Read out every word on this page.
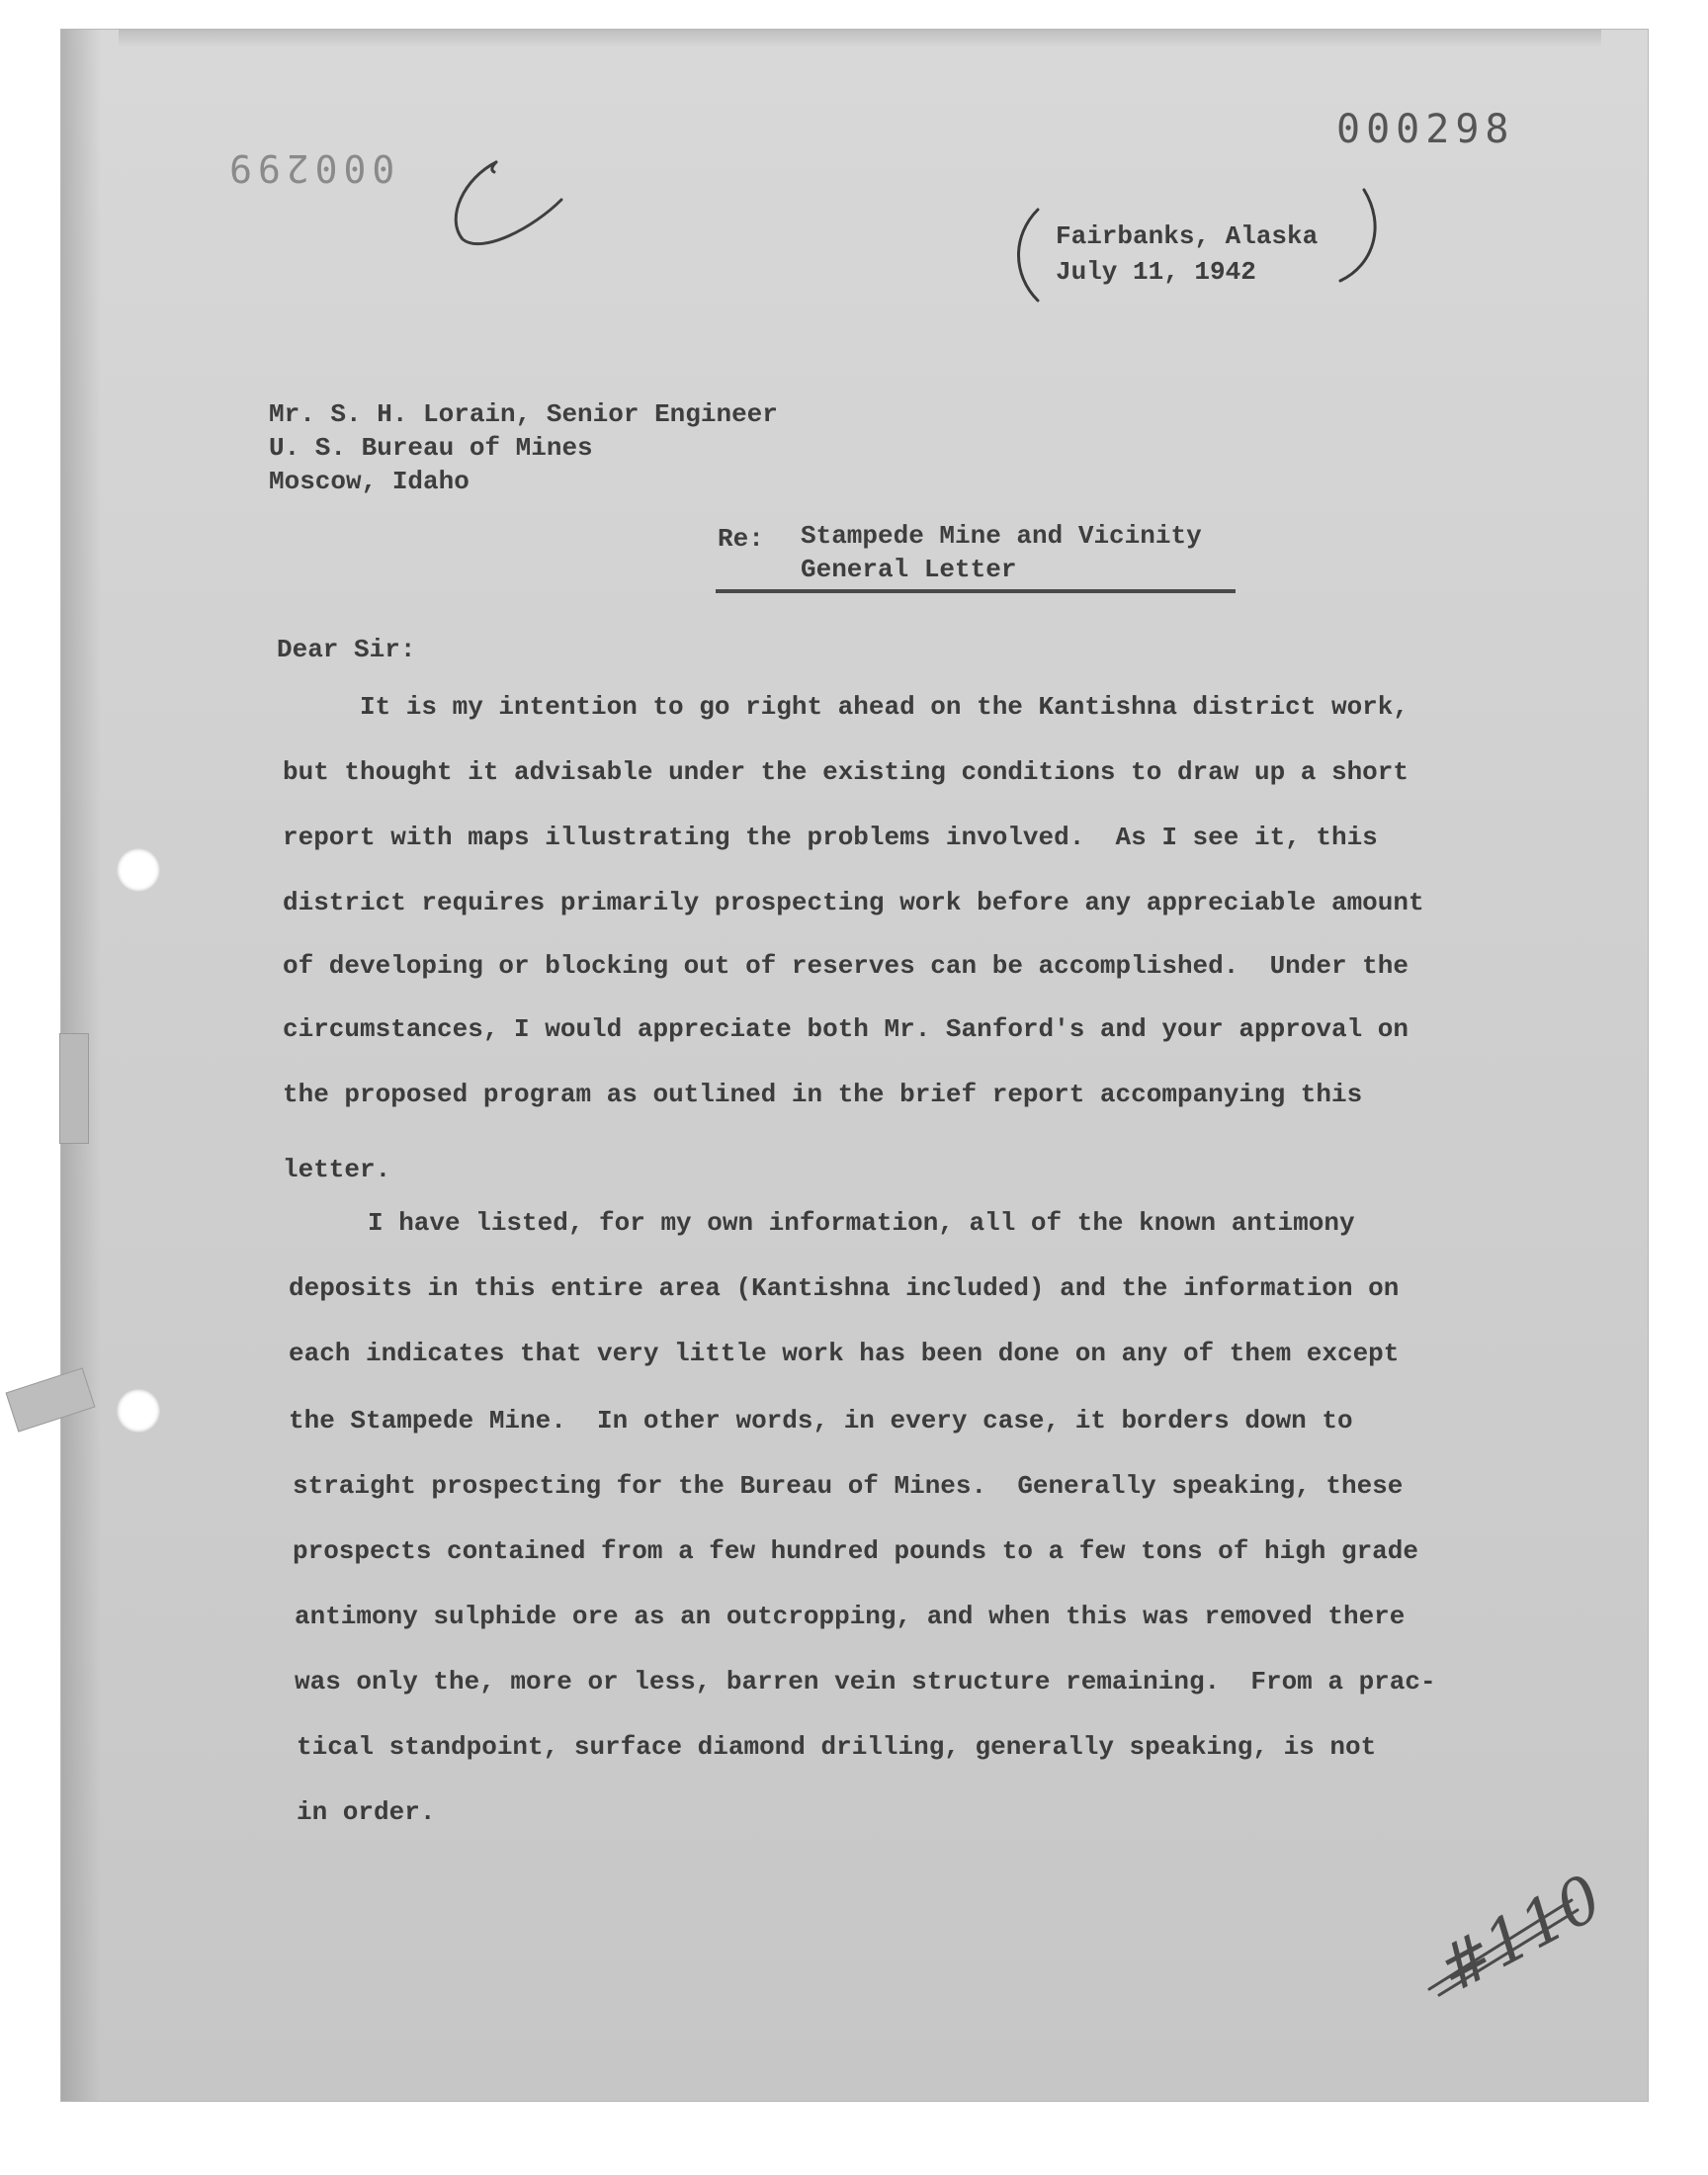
000298
000299
Fairbanks, Alaska
July 11, 1942
Mr. S. H. Lorain, Senior Engineer
U. S. Bureau of Mines
Moscow, Idaho
Re: Stampede Mine and Vicinity
General Letter
Dear Sir:
It is my intention to go right ahead on the Kantishna district work,
but thought it advisable under the existing conditions to draw up a short
report with maps illustrating the problems involved.  As I see it, this
district requires primarily prospecting work before any appreciable amount
of developing or blocking out of reserves can be accomplished.  Under the
circumstances, I would appreciate both Mr. Sanford's and your approval on
the proposed program as outlined in the brief report accompanying this
letter.
I have listed, for my own information, all of the known antimony
deposits in this entire area (Kantishna included) and the information on
each indicates that very little work has been done on any of them except
the Stampede Mine.  In other words, in every case, it borders down to
straight prospecting for the Bureau of Mines.  Generally speaking, these
prospects contained from a few hundred pounds to a few tons of high grade
antimony sulphide ore as an outcropping, and when this was removed there
was only the, more or less, barren vein structure remaining.  From a prac-
tical standpoint, surface diamond drilling, generally speaking, is not
in order.
#110
